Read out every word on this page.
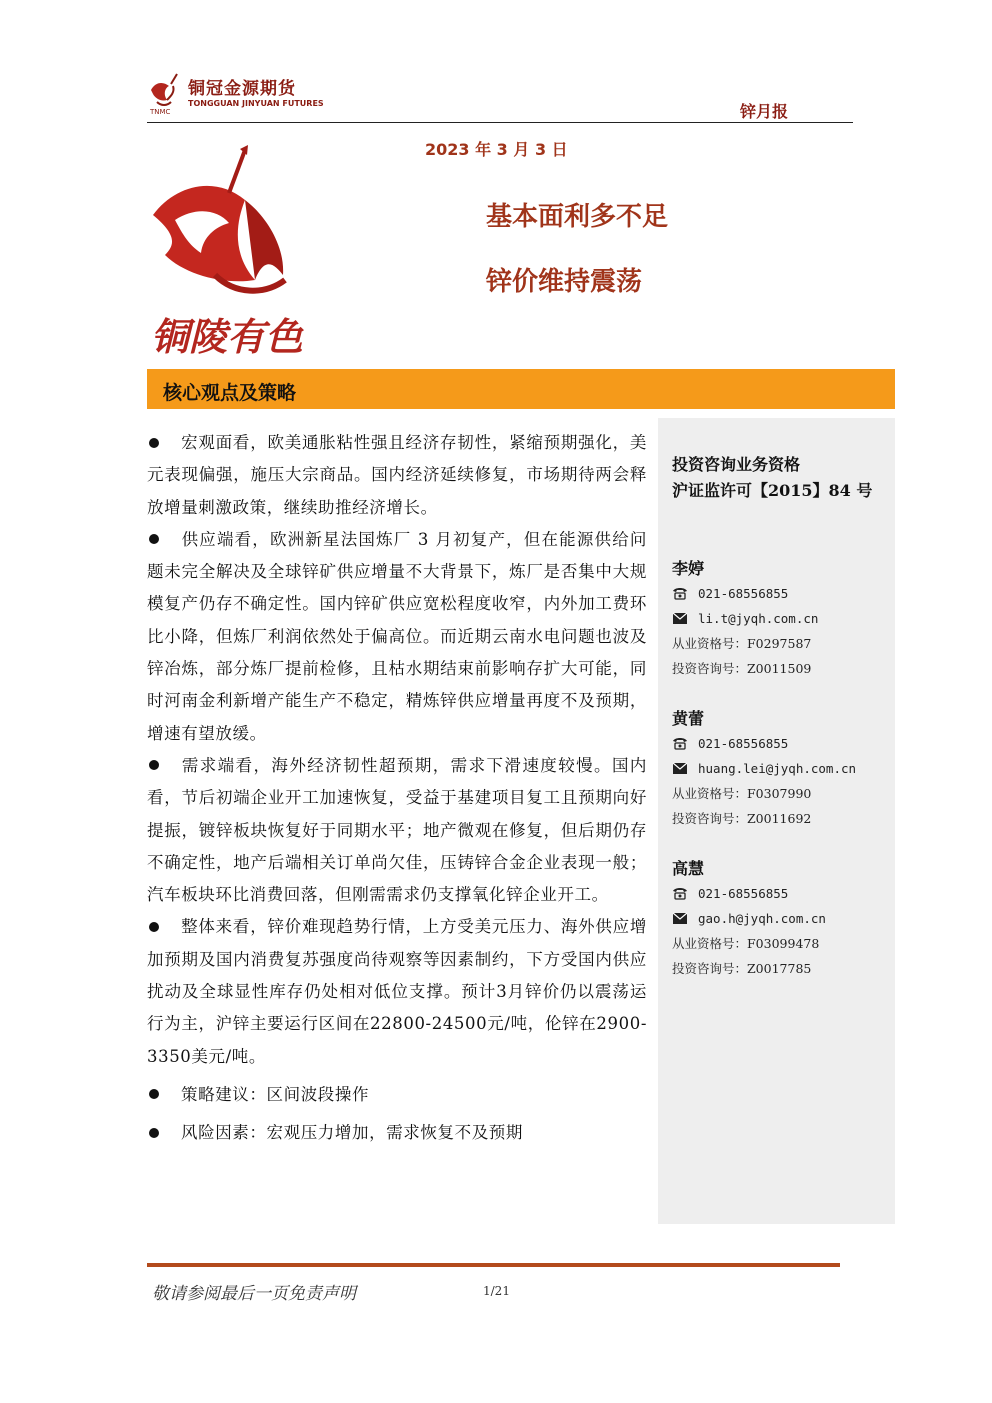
铜冠金源期货
TONGGUAN JINYUAN FUTURES
TNMC	锌月报
2023 年 3 月 3 日
铜陵有色
基本面利多不足
锌价维持震荡
核心观点及策略

宏观面看，欧美通胀粘性强且经济存韧性，紧缩预期强化，美元表现偏强，施压大宗商品。国内经济延续修复，市场期待两会释放增量刺激政策，继续助推经济增长。

供应端看，欧洲新星法国炼厂 3 月初复产，但在能源供给问题未完全解决及全球锌矿供应增量不大背景下，炼厂是否集中大规模复产仍存不确定性。国内锌矿供应宽松程度收窄，内外加工费环比小降，但炼厂利润依然处于偏高位。而近期云南水电问题也波及锌冶炼，部分炼厂提前检修，且枯水期结束前影响存扩大可能，同时河南金利新增产能生产不稳定，精炼锌供应增量再度不及预期，增速有望放缓。

需求端看，海外经济韧性超预期，需求下滑速度较慢。国内看，节后初端企业开工加速恢复，受益于基建项目复工且预期向好提振，镀锌板块恢复好于同期水平；地产微观在修复，但后期仍存不确定性，地产后端相关订单尚欠佳，压铸锌合金企业表现一般；汽车板块环比消费回落，但刚需需求仍支撑氧化锌企业开工。

整体来看，锌价难现趋势行情，上方受美元压力、海外供应增加预期及国内消费复苏强度尚待观察等因素制约，下方受国内供应扰动及全球显性库存仍处相对低位支撑。预计3月锌价仍以震荡运行为主，沪锌主要运行区间在22800-24500元/吨，伦锌在2900-3350美元/吨。

策略建议：区间波段操作

风险因素：宏观压力增加，需求恢复不及预期

投资咨询业务资格
沪证监许可【2015】84 号
李婷
021-68556855
li.t@jyqh.com.cn
从业资格号：F0297587
投资咨询号：Z0011509
黄蕾
021-68556855
huang.lei@jyqh.com.cn
从业资格号：F0307990
投资咨询号：Z0011692
高慧
021-68556855
gao.h@jyqh.com.cn
从业资格号：F03099478
投资咨询号：Z0017785
敬请参阅最后一页免责声明	1/21
